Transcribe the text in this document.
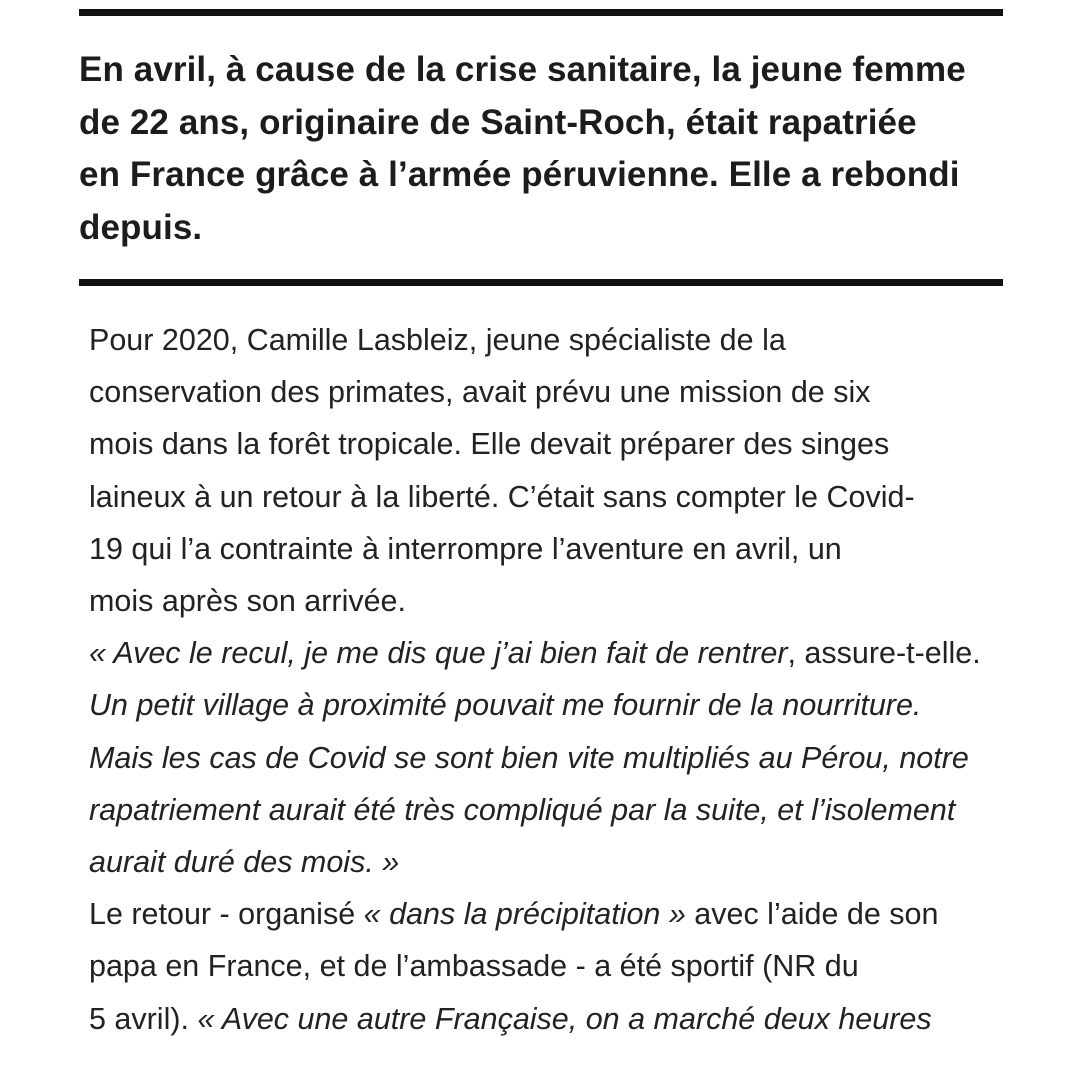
En avril, à cause de la crise sanitaire, la jeune femme
de 22 ans, originaire de Saint-Roch, était rapatriée
en France grâce à l’armée péruvienne. Elle a rebondi
depuis.

Pour 2020, Camille Lasbleiz, jeune spécialiste de la
conservation des primates, avait prévu une mission de six
mois dans la forêt tropicale. Elle devait préparer des singes
laineux à un retour à la liberté. C’était sans compter le Covid-
19 qui l’a contrainte à interrompre l’aventure en avril, un
mois après son arrivée.
« Avec le recul, je me dis que j’ai bien fait de rentrer, assure-t-elle.
Un petit village à proximité pouvait me fournir de la nourriture.
Mais les cas de Covid se sont bien vite multipliés au Pérou, notre
rapatriement aurait été très compliqué par la suite, et l’isolement
aurait duré des mois. »
Le retour - organisé « dans la précipitation » avec l’aide de son
papa en France, et de l’ambassade - a été sportif (NR du
5 avril). « Avec une autre Française, on a marché deux heures
